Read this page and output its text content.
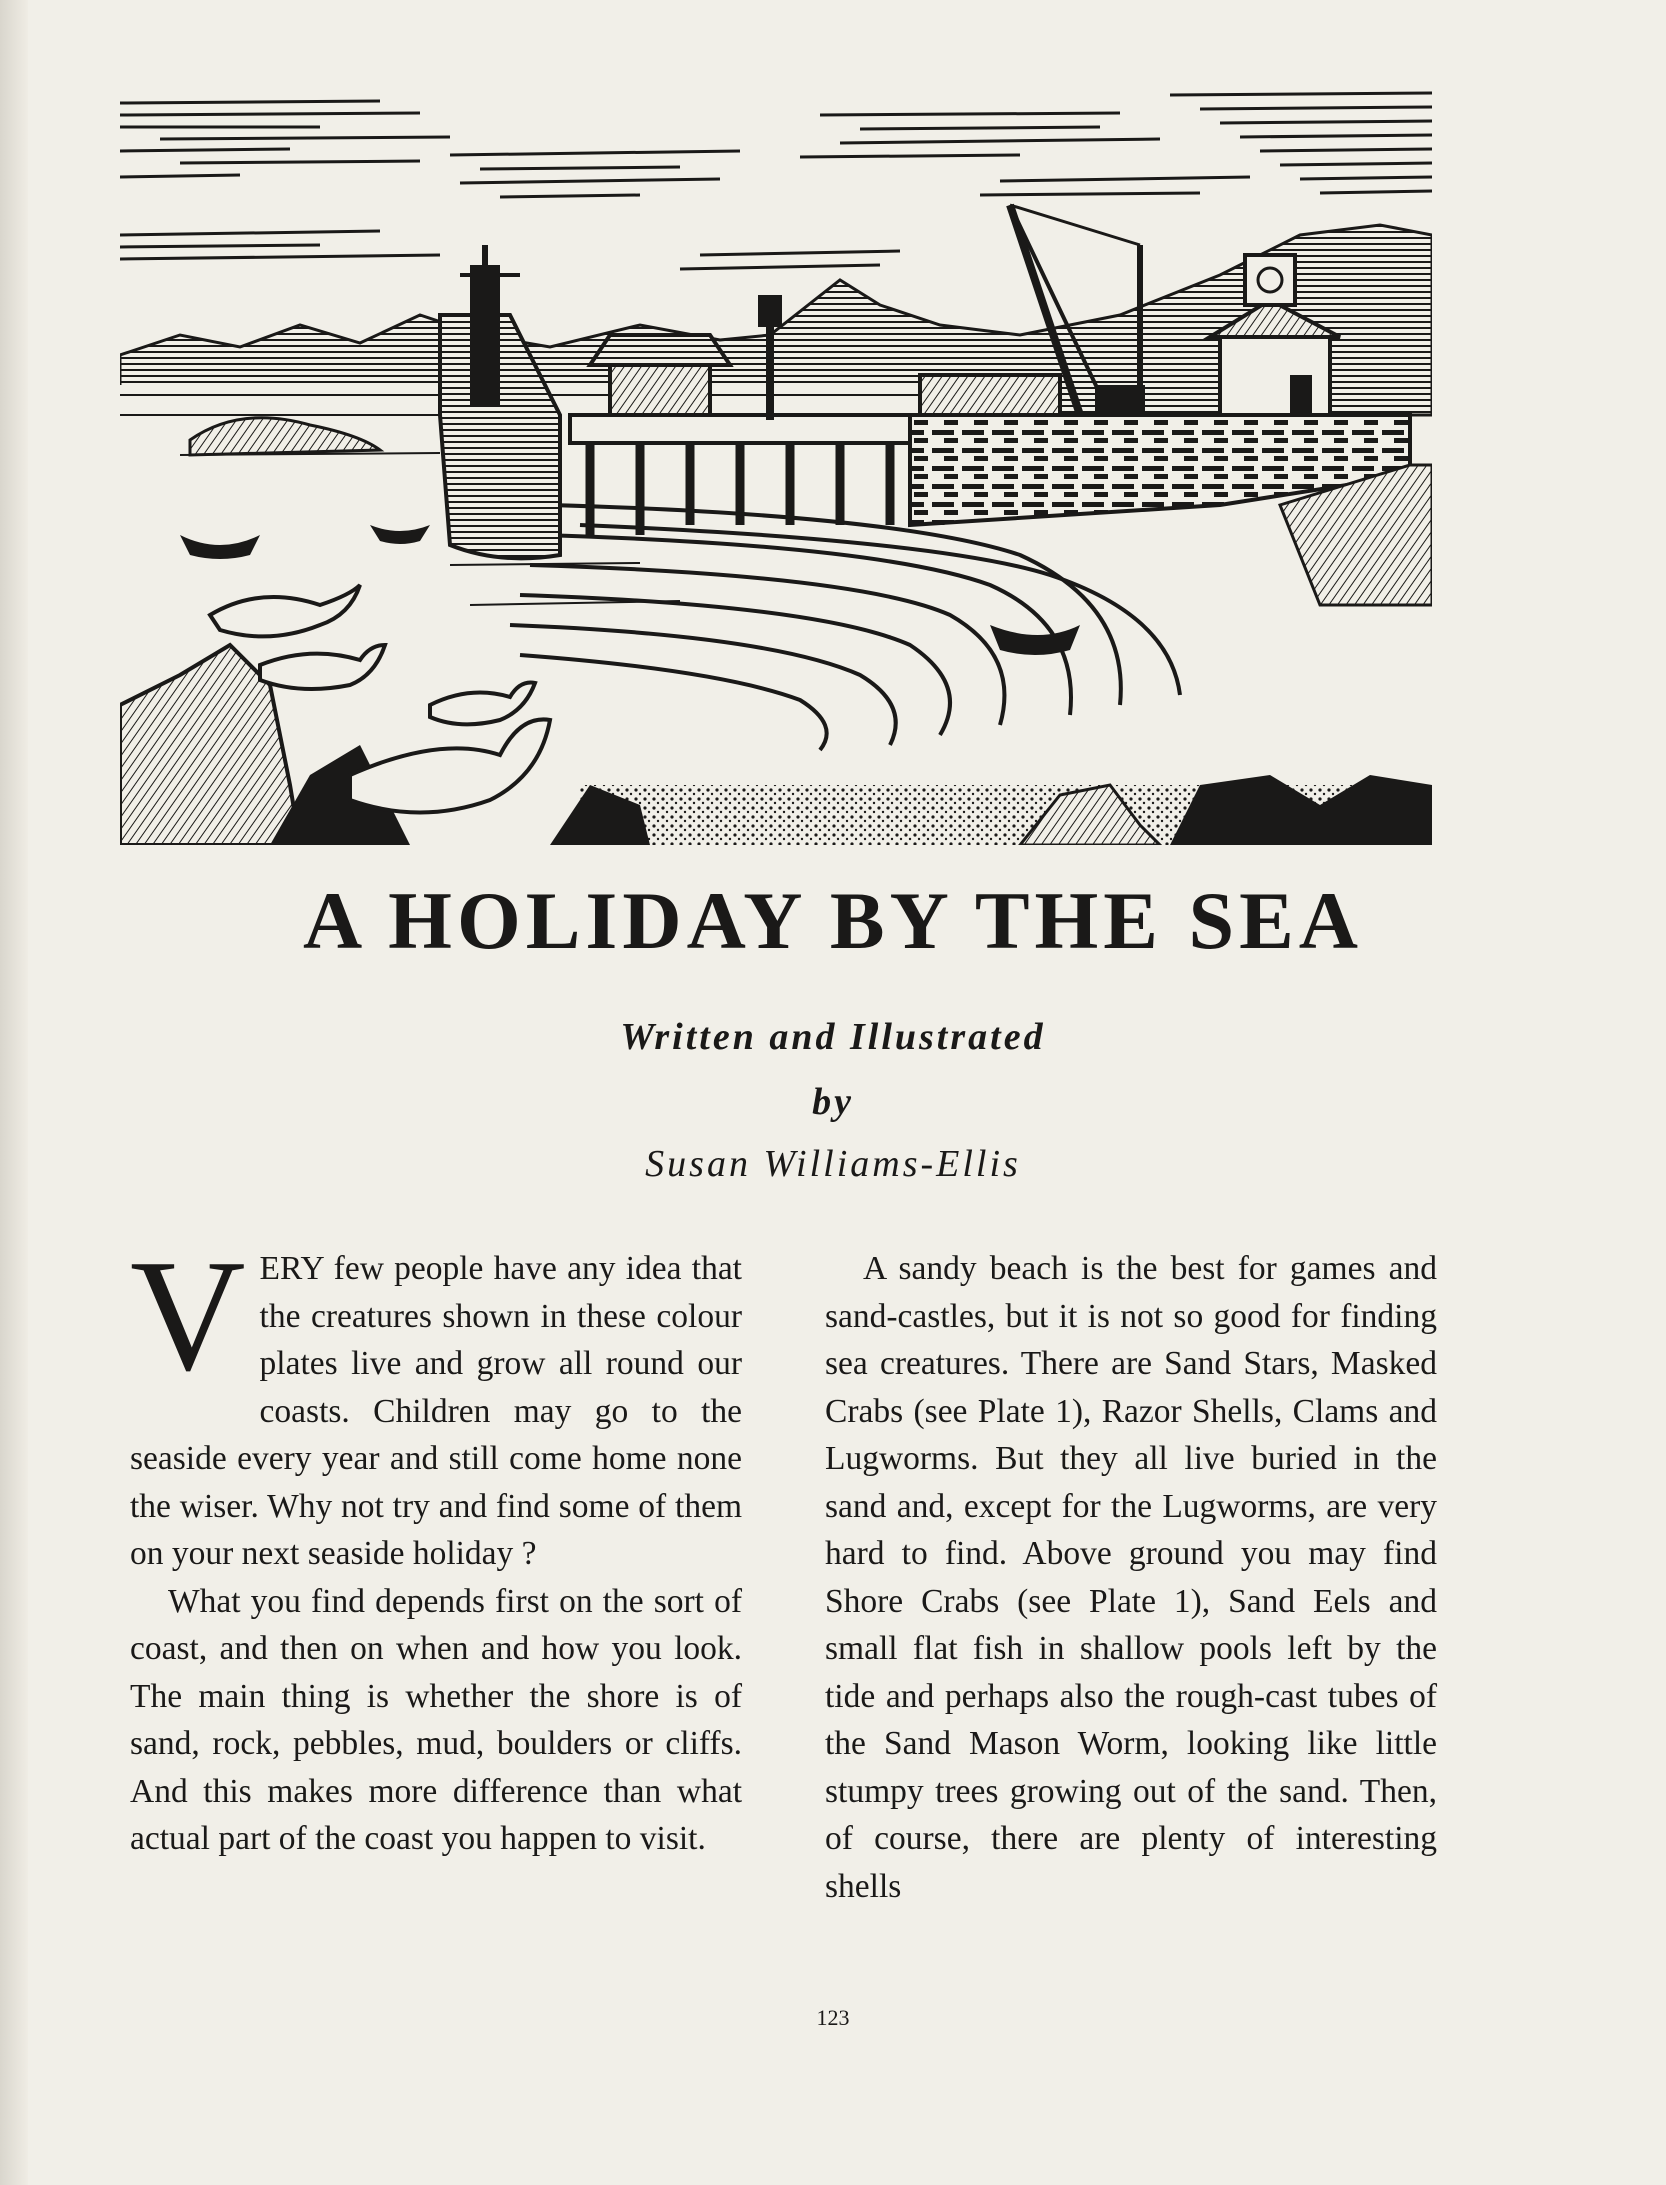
A HOLIDAY BY THE SEA
Written and Illustrated
by
Susan Williams-Ellis

VERY few people have any idea that the creatures shown in these colour plates live and grow all round our coasts. Children may go to the seaside every year and still come home none the wiser. Why not try and find some of them on your next seaside holiday ?

What you find depends first on the sort of coast, and then on when and how you look. The main thing is whether the shore is of sand, rock, pebbles, mud, boulders or cliffs. And this makes more difference than what actual part of the coast you happen to visit.

A sandy beach is the best for games and sand-castles, but it is not so good for finding sea creatures. There are Sand Stars, Masked Crabs (see Plate 1), Razor Shells, Clams and Lugworms. But they all live buried in the sand and, except for the Lugworms, are very hard to find. Above ground you may find Shore Crabs (see Plate 1), Sand Eels and small flat fish in shallow pools left by the tide and perhaps also the rough-cast tubes of the Sand Mason Worm, looking like little stumpy trees growing out of the sand. Then, of course, there are plenty of interesting shells

123
